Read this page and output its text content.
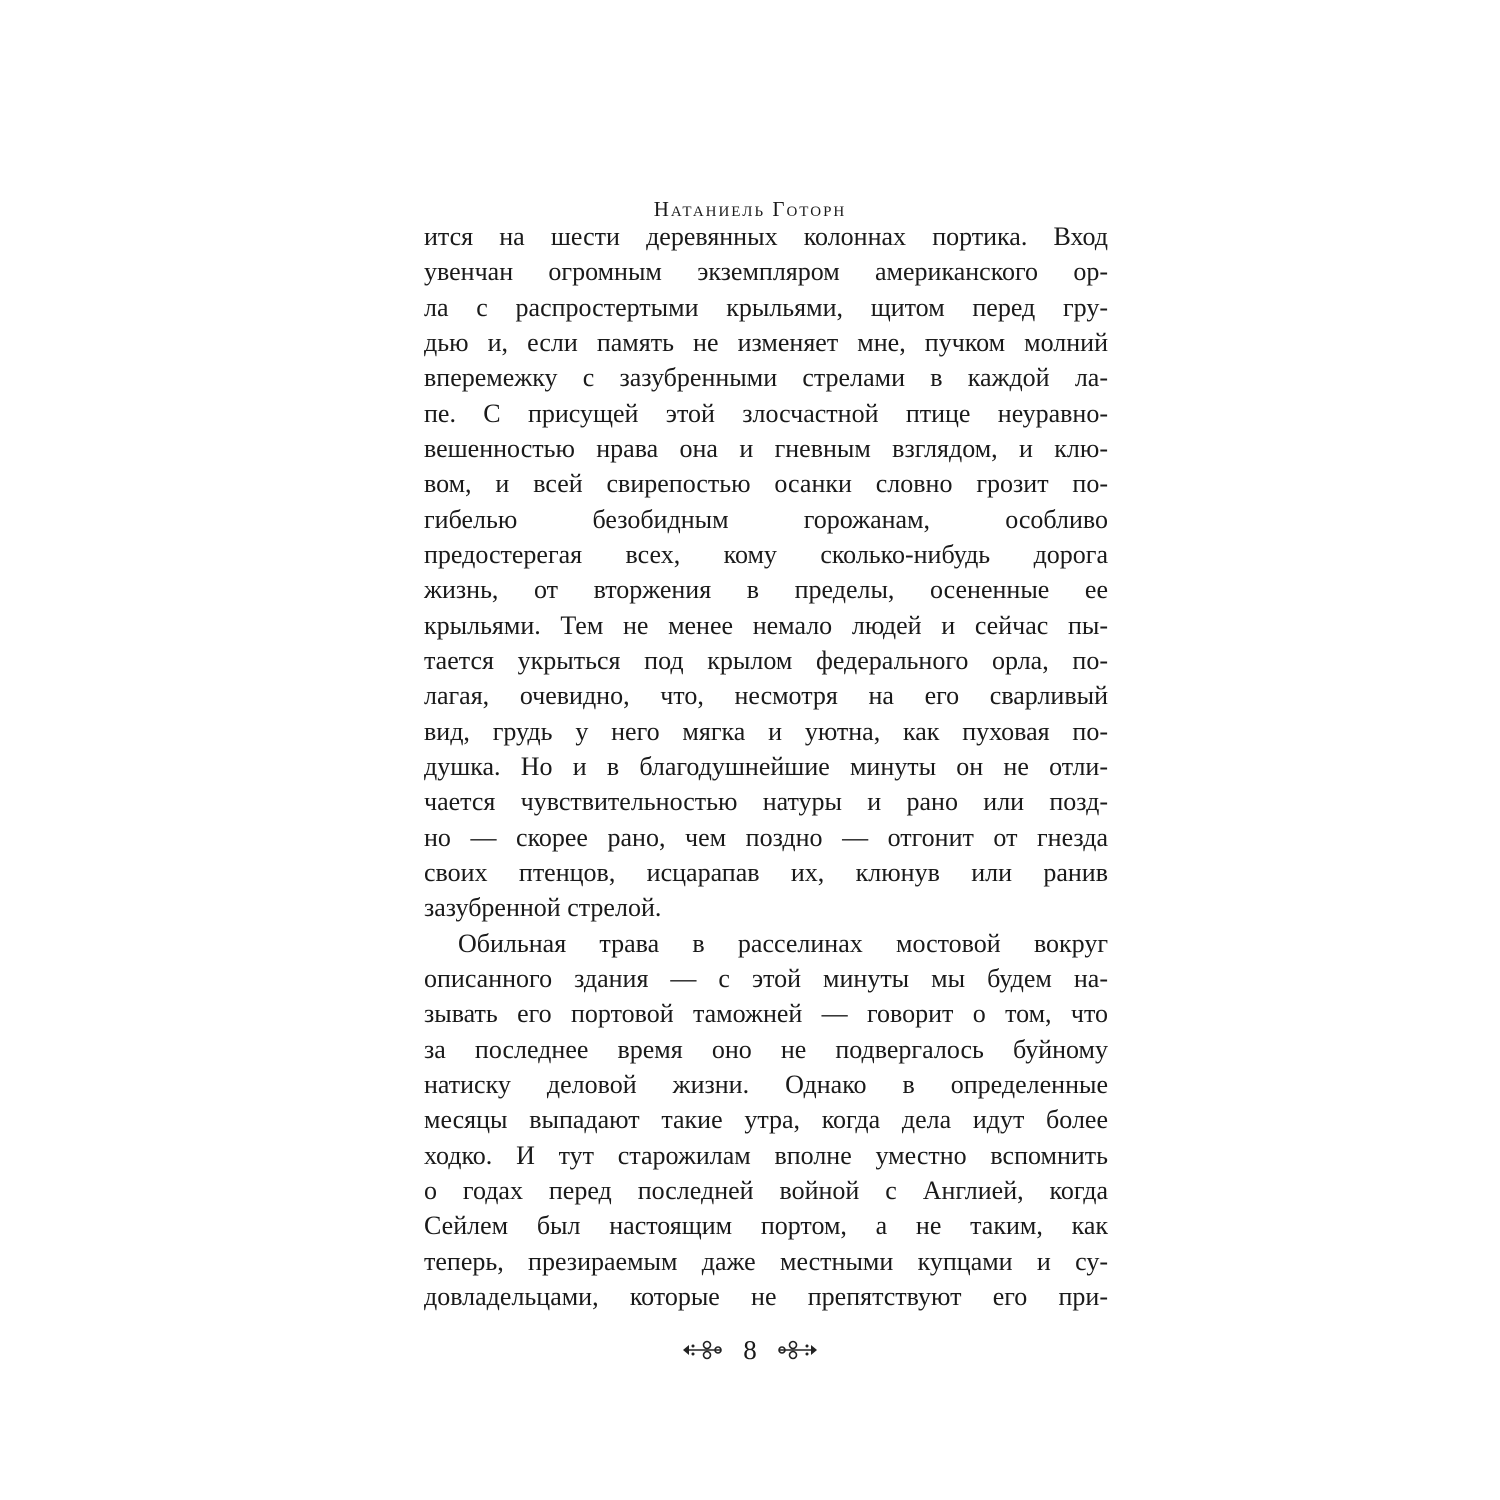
Натаниель Готорн
ится на шести деревянных колоннах портика. Вход
увенчан огромным экземпляром американского ор-
ла с распростертыми крыльями, щитом перед гру-
дью и, если память не изменяет мне, пучком молний
вперемежку с зазубренными стрелами в каждой ла-
пе. С присущей этой злосчастной птице неуравно-
вешенностью нрава она и гневным взглядом, и клю-
вом, и всей свирепостью осанки словно грозит по-
гибелью безобидным горожанам, особливо
предостерегая всех, кому сколько-нибудь дорога
жизнь, от вторжения в пределы, осененные ее
крыльями. Тем не менее немало людей и сейчас пы-
тается укрыться под крылом федерального орла, по-
лагая, очевидно, что, несмотря на его сварливый
вид, грудь у него мягка и уютна, как пуховая по-
душка. Но и в благодушнейшие минуты он не отли-
чается чувствительностью натуры и рано или позд-
но — скорее рано, чем поздно — отгонит от гнезда
своих птенцов, исцарапав их, клюнув или ранив
зазубренной стрелой.
Обильная трава в расселинах мостовой вокруг
описанного здания — с этой минуты мы будем на-
зывать его портовой таможней — говорит о том, что
за последнее время оно не подвергалось буйному
натиску деловой жизни. Однако в определенные
месяцы выпадают такие утра, когда дела идут более
ходко. И тут старожилам вполне уместно вспомнить
о годах перед последней войной с Англией, когда
Сейлем был настоящим портом, а не таким, как
теперь, презираемым даже местными купцами и су-
довладельцами, которые не препятствуют его при-
8
